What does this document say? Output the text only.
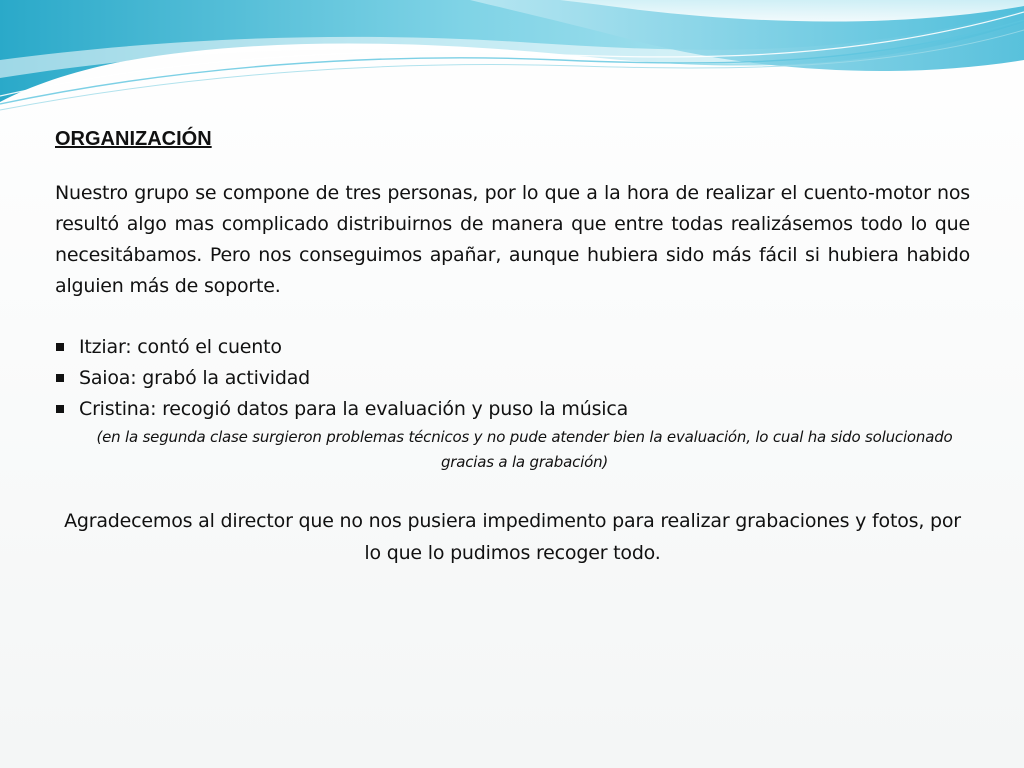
ORGANIZACIÓN

Nuestro grupo se compone de tres personas, por lo que a la hora de realizar el cuento-motor nos resultó algo mas complicado distribuirnos de manera que entre todas realizásemos todo lo que necesitábamos. Pero nos conseguimos apañar, aunque hubiera sido más fácil si hubiera habido alguien más de soporte.

Itziar: contó el cuento
Saioa: grabó la actividad
Cristina: recogió datos para la evaluación y puso la música

(en la segunda clase surgieron problemas técnicos y no pude atender bien la evaluación, lo cual ha sido solucionado gracias a la grabación)

Agradecemos al director que no nos pusiera impedimento para realizar grabaciones y fotos, por lo que lo pudimos recoger todo.
